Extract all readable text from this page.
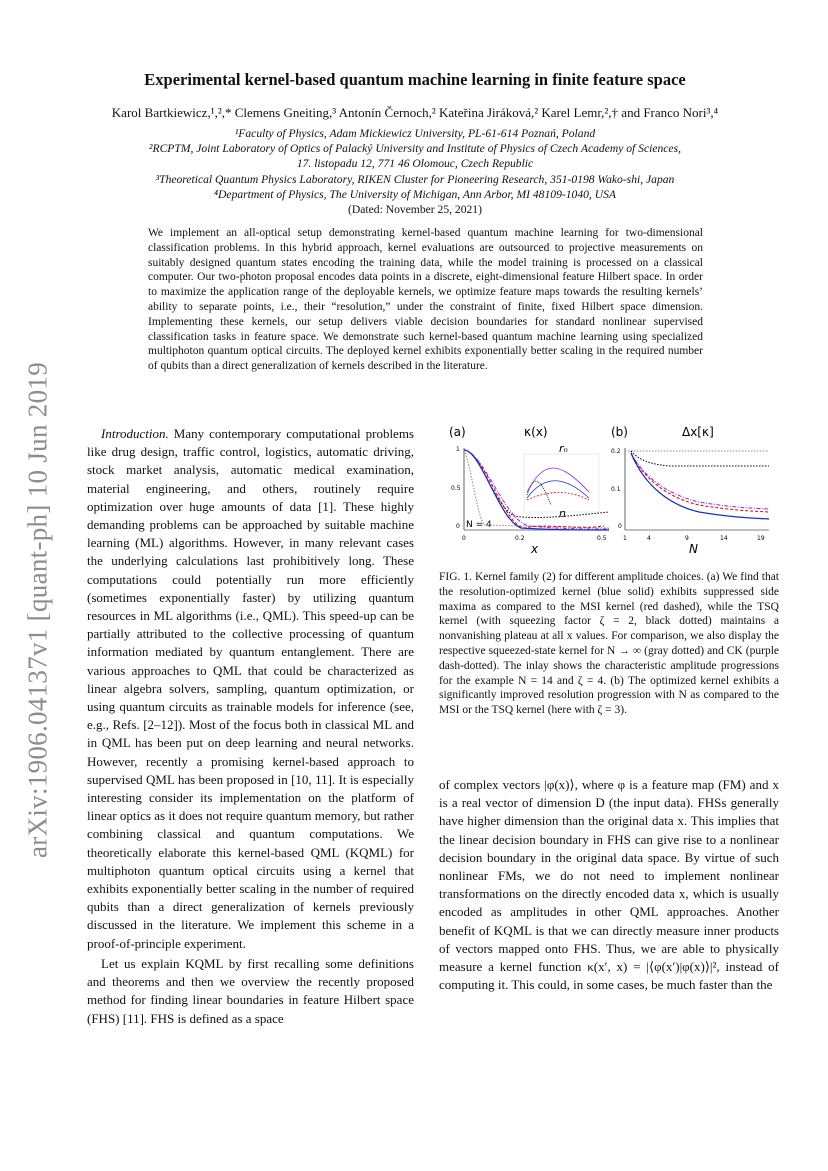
arXiv:1906.04137v1 [quant-ph] 10 Jun 2019
Experimental kernel-based quantum machine learning in finite feature space
Karol Bartkiewicz,¹,²,* Clemens Gneiting,³ Antonín Černoch,² Kateřina Jiráková,² Karel Lemr,²,† and Franco Nori³,⁴
¹Faculty of Physics, Adam Mickiewicz University, PL-61-614 Poznań, Poland
²RCPTM, Joint Laboratory of Optics of Palacký University and Institute of Physics of Czech Academy of Sciences,
17. listopadu 12, 771 46 Olomouc, Czech Republic
³Theoretical Quantum Physics Laboratory, RIKEN Cluster for Pioneering Research, 351-0198 Wako-shi, Japan
⁴Department of Physics, The University of Michigan, Ann Arbor, MI 48109-1040, USA
(Dated: November 25, 2021)
We implement an all-optical setup demonstrating kernel-based quantum machine learning for two-dimensional classification problems. In this hybrid approach, kernel evaluations are outsourced to projective measurements on suitably designed quantum states encoding the training data, while the model training is processed on a classical computer. Our two-photon proposal encodes data points in a discrete, eight-dimensional feature Hilbert space. In order to maximize the application range of the deployable kernels, we optimize feature maps towards the resulting kernels’ ability to separate points, i.e., their “resolution,” under the constraint of finite, fixed Hilbert space dimension. Implementing these kernels, our setup delivers viable decision boundaries for standard nonlinear supervised classification tasks in feature space. We demonstrate such kernel-based quantum machine learning using specialized multiphoton quantum optical circuits. The deployed kernel exhibits exponentially better scaling in the required number of qubits than a direct generalization of kernels described in the literature.

Introduction. Many contemporary computational problems like drug design, traffic control, logistics, automatic driving, stock market analysis, automatic medical examination, material engineering, and others, routinely require optimization over huge amounts of data [1]. These highly demanding problems can be approached by suitable machine learning (ML) algorithms. However, in many relevant cases the underlying calculations last prohibitively long. These computations could potentially run more efficiently (sometimes exponentially faster) by utilizing quantum resources in ML algorithms (i.e., QML). This speed-up can be partially attributed to the collective processing of quantum information mediated by quantum entanglement. There are various approaches to QML that could be characterized as linear algebra solvers, sampling, quantum optimization, or using quantum circuits as trainable models for inference (see, e.g., Refs. [2–12]). Most of the focus both in classical ML and in QML has been put on deep learning and neural networks. However, recently a promising kernel-based approach to supervised QML has been proposed in [10, 11]. It is especially interesting consider its implementation on the platform of linear optics as it does not require quantum memory, but rather combining classical and quantum computations. We theoretically elaborate this kernel-based QML (KQML) for multiphoton quantum optical circuits using a kernel that exhibits exponentially better scaling in the number of required qubits than a direct generalization of kernels previously discussed in the literature. We implement this scheme in a proof-of-principle experiment.

Let us explain KQML by first recalling some definitions and theorems and then we overview the recently proposed method for finding linear boundaries in feature Hilbert space (FHS) [11]. FHS is defined as a space

(a)	κ(x)
1
0.5
0
0	0.2	0.5
x
N = 4
rₙ
n
(b)	Δx[κ]
0.2
0.1
0
1	4	9	14	19
N
FIG. 1. Kernel family (2) for different amplitude choices. (a) We find that the resolution-optimized kernel (blue solid) exhibits suppressed side maxima as compared to the MSI kernel (red dashed), while the TSQ kernel (with squeezing factor ζ = 2, black dotted) maintains a nonvanishing plateau at all x values. For comparison, we also display the respective squeezed-state kernel for N → ∞ (gray dotted) and CK (purple dash-dotted). The inlay shows the characteristic amplitude progressions for the example N = 14 and ζ = 4. (b) The optimized kernel exhibits a significantly improved resolution progression with N as compared to the MSI or the TSQ kernel (here with ζ = 3).

of complex vectors |φ(x)⟩, where φ is a feature map (FM) and x is a real vector of dimension D (the input data). FHSs generally have higher dimension than the original data x. This implies that the linear decision boundary in FHS can give rise to a nonlinear decision boundary in the original data space. By virtue of such nonlinear FMs, we do not need to implement nonlinear transformations on the directly encoded data x, which is usually encoded as amplitudes in other QML approaches. Another benefit of KQML is that we can directly measure inner products of vectors mapped onto FHS. Thus, we are able to physically measure a kernel function κ(x′, x) = |⟨φ(x′)|φ(x)⟩|², instead of computing it. This could, in some cases, be much faster than the
